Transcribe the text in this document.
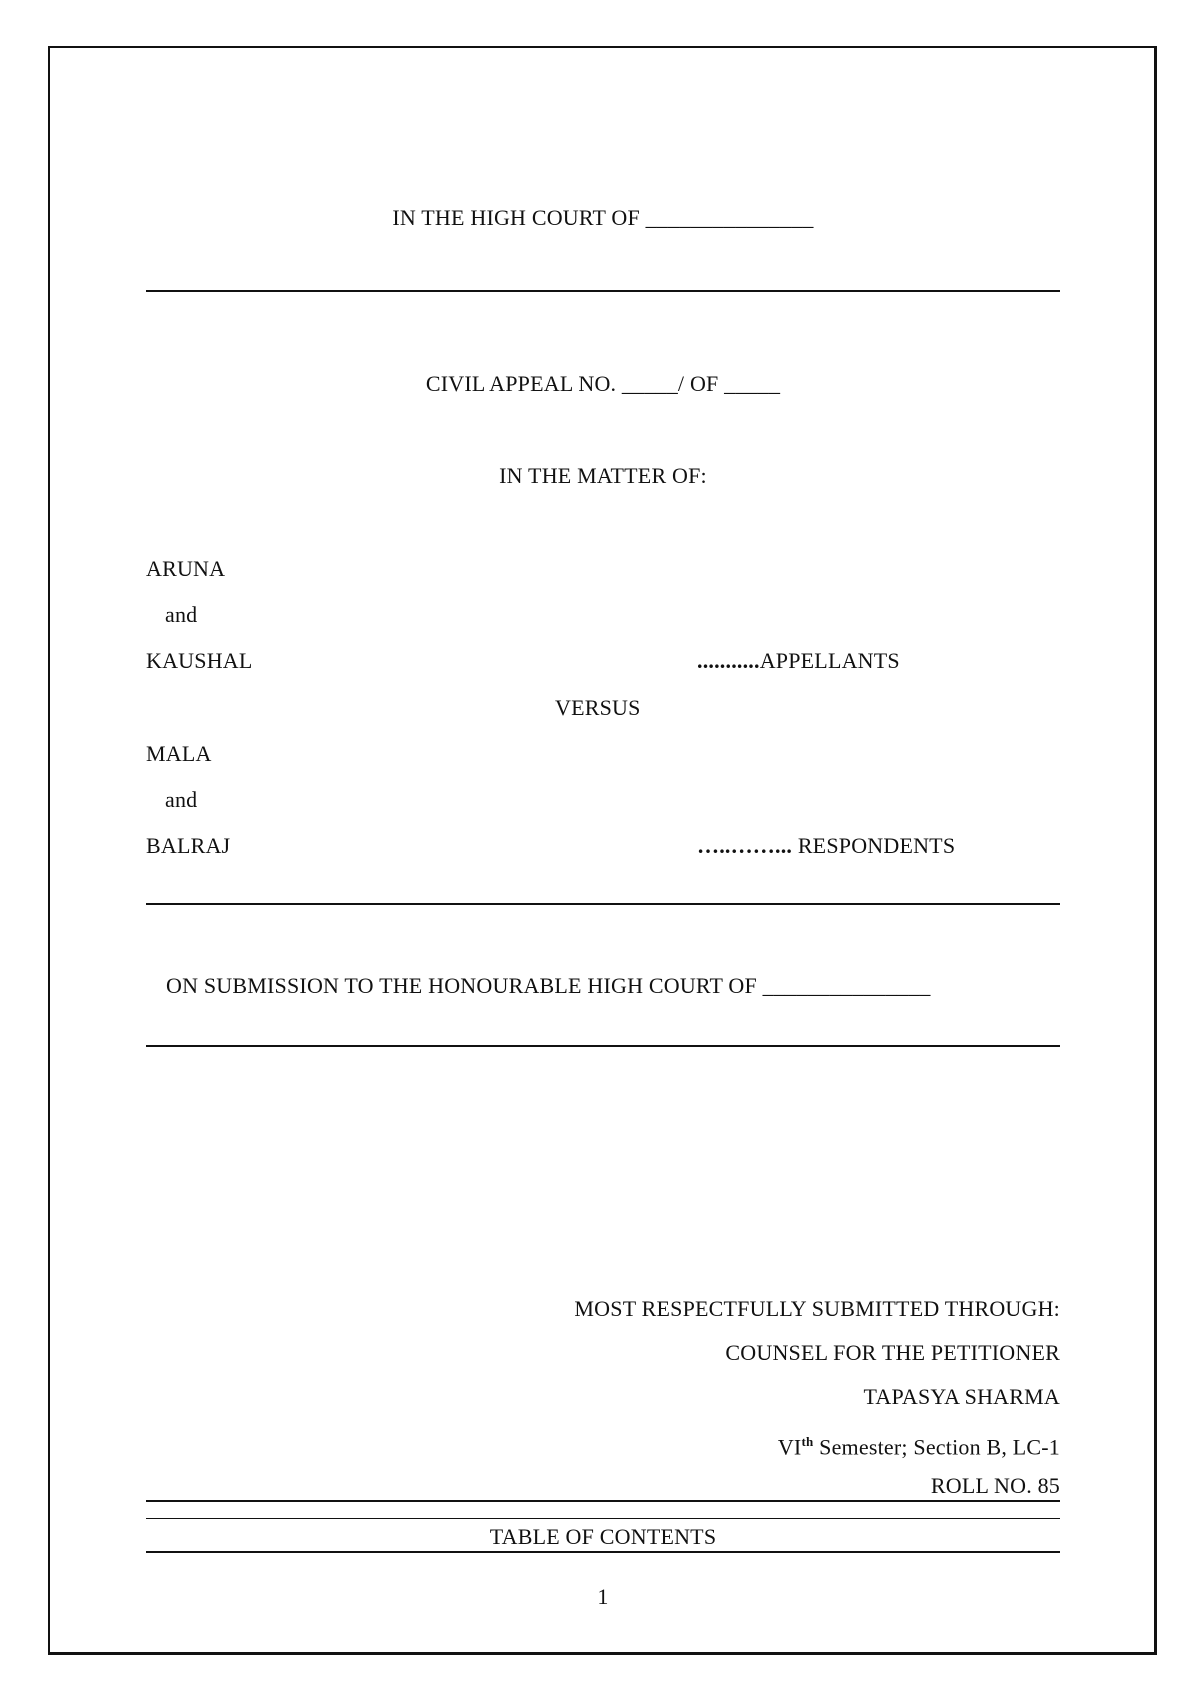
IN THE HIGH COURT OF _______________
CIVIL APPEAL NO. _____/ OF _____
IN THE MATTER OF:
ARUNA
and
KAUSHAL	...........APPELLANTS
VERSUS
MALA
and
BALRAJ	…..……... RESPONDENTS
ON SUBMISSION TO THE HONOURABLE HIGH COURT OF _______________
MOST RESPECTFULLY SUBMITTED THROUGH:
COUNSEL FOR THE PETITIONER
TAPASYA SHARMA
VIth Semester; Section B, LC-1
ROLL NO. 85
TABLE OF CONTENTS
1
